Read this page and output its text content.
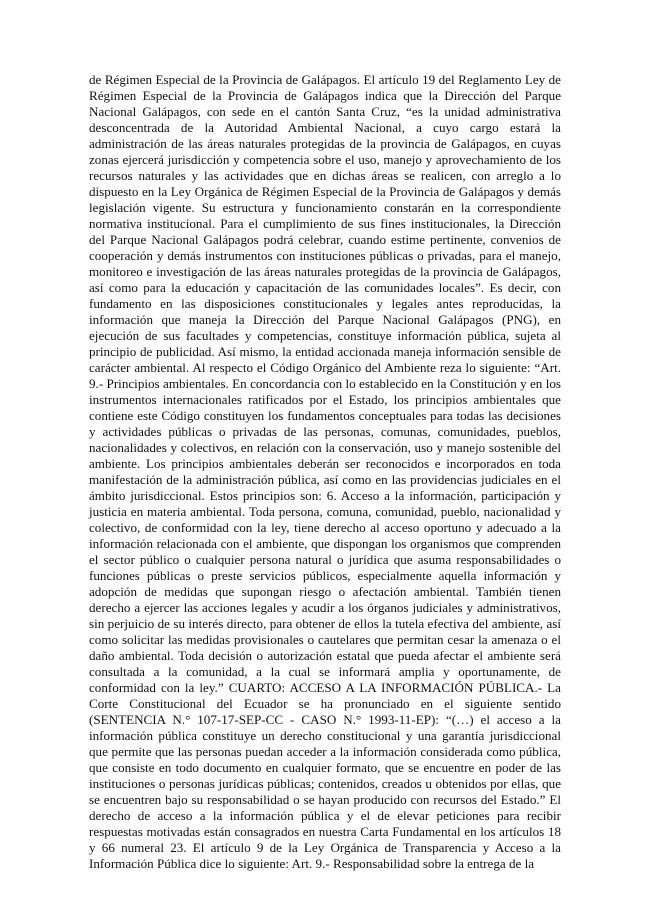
de Régimen Especial de la Provincia de Galápagos. El artículo 19 del Reglamento Ley de Régimen Especial de la Provincia de Galápagos indica que la Dirección del Parque Nacional Galápagos, con sede en el cantón Santa Cruz, “es la unidad administrativa desconcentrada de la Autoridad Ambiental Nacional, a cuyo cargo estará la administración de las áreas naturales protegidas de la provincia de Galápagos, en cuyas zonas ejercerá jurisdicción y competencia sobre el uso, manejo y aprovechamiento de los recursos naturales y las actividades que en dichas áreas se realicen, con arreglo a lo dispuesto en la Ley Orgánica de Régimen Especial de la Provincia de Galápagos y demás legislación vigente. Su estructura y funcionamiento constarán en la correspondiente normativa institucional. Para el cumplimiento de sus fines institucionales, la Dirección del Parque Nacional Galápagos podrá celebrar, cuando estime pertinente, convenios de cooperación y demás instrumentos con instituciones públicas o privadas, para el manejo, monitoreo e investigación de las áreas naturales protegidas de la provincia de Galápagos, así como para la educación y capacitación de las comunidades locales”. Es decir, con fundamento en las disposiciones constitucionales y legales antes reproducidas, la información que maneja la Dirección del Parque Nacional Galápagos (PNG), en ejecución de sus facultades y competencias, constituye información pública, sujeta al principio de publicidad. Así mismo, la entidad accionada maneja información sensible de carácter ambiental. Al respecto el Código Orgánico del Ambiente reza lo siguiente: “Art. 9.- Principios ambientales. En concordancia con lo establecido en la Constitución y en los instrumentos internacionales ratificados por el Estado, los principios ambientales que contiene este Código constituyen los fundamentos conceptuales para todas las decisiones y actividades públicas o privadas de las personas, comunas, comunidades, pueblos, nacionalidades y colectivos, en relación con la conservación, uso y manejo sostenible del ambiente. Los principios ambientales deberán ser reconocidos e incorporados en toda manifestación de la administración pública, así como en las providencias judiciales en el ámbito jurisdiccional. Estos principios son: 6. Acceso a la información, participación y justicia en materia ambiental. Toda persona, comuna, comunidad, pueblo, nacionalidad y colectivo, de conformidad con la ley, tiene derecho al acceso oportuno y adecuado a la información relacionada con el ambiente, que dispongan los organismos que comprenden el sector público o cualquier persona natural o jurídica que asuma responsabilidades o funciones públicas o preste servicios públicos, especialmente aquella información y adopción de medidas que supongan riesgo o afectación ambiental. También tienen derecho a ejercer las acciones legales y acudir a los órganos judiciales y administrativos, sin perjuicio de su interés directo, para obtener de ellos la tutela efectiva del ambiente, así como solicitar las medidas provisionales o cautelares que permitan cesar la amenaza o el daño ambiental. Toda decisión o autorización estatal que pueda afectar el ambiente será consultada a la comunidad, a la cual se informará amplia y oportunamente, de conformidad con la ley.” CUARTO: ACCESO A LA INFORMACIÓN PÚBLICA.- La Corte Constitucional del Ecuador se ha pronunciado en el siguiente sentido (SENTENCIA N.° 107-17-SEP-CC - CASO N.° 1993-11-EP): “(…) el acceso a la información pública constituye un derecho constitucional y una garantía jurisdiccional que permite que las personas puedan acceder a la información considerada como pública, que consiste en todo documento en cualquier formato, que se encuentre en poder de las instituciones o personas jurídicas públicas; contenidos, creados u obtenidos por ellas, que se encuentren bajo su responsabilidad o se hayan producido con recursos del Estado.” El derecho de acceso a la información pública y el de elevar peticiones para recibir respuestas motivadas están consagrados en nuestra Carta Fundamental en los artículos 18 y 66 numeral 23. El artículo 9 de la Ley Orgánica de Transparencia y Acceso a la Información Pública dice lo siguiente: Art. 9.- Responsabilidad sobre la entrega de la
